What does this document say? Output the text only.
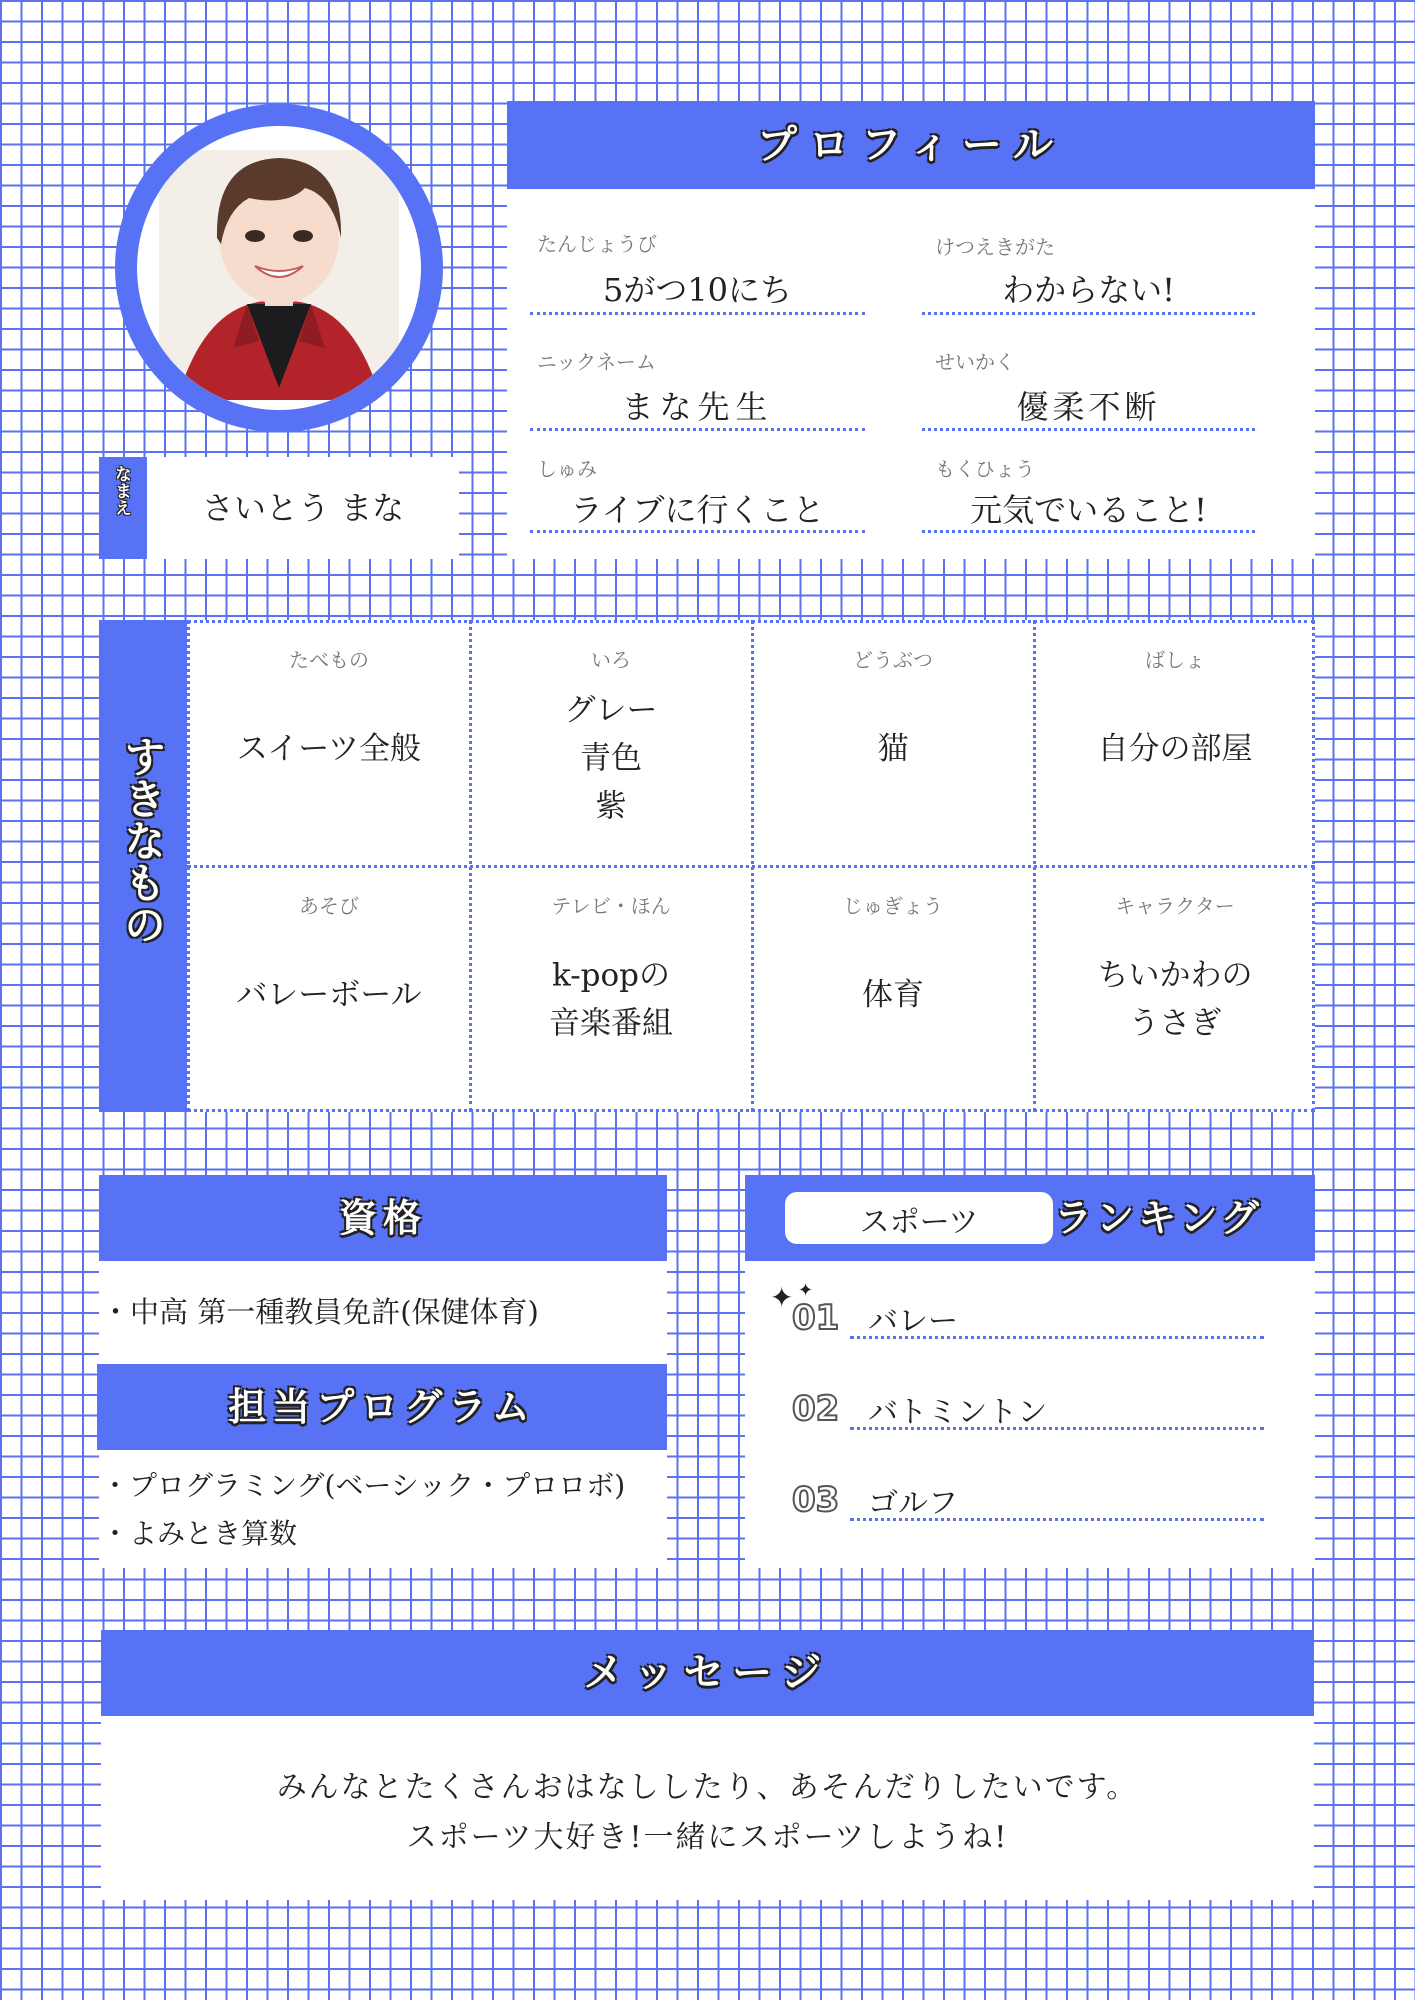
なまえ	さいとう まな
プロフィール
たんじょうび
5がつ10にち
けつえきがた
わからない!
ニックネーム
まな先生
せいかく
優柔不断
しゅみ
ライブに行くこと
もくひょう
元気でいること!
すきなもの
たべもの
スイーツ全般
いろ
グレー
青色
紫
どうぶつ
猫
ばしょ
自分の部屋
あそび
バレーボール
テレビ・ほん
k-popの
音楽番組
じゅぎょう
体育
キャラクター
ちいかわの
うさぎ
資格
・中高 第一種教員免許(保健体育)
担当プログラム
・プログラミング(ベーシック・プロロボ)
・よみとき算数
スポーツ	ランキング
✦ ✦
01 バレー
02 バトミントン
03 ゴルフ
メッセージ
みんなとたくさんおはなししたり、あそんだりしたいです。
スポーツ大好き!一緒にスポーツしようね!
